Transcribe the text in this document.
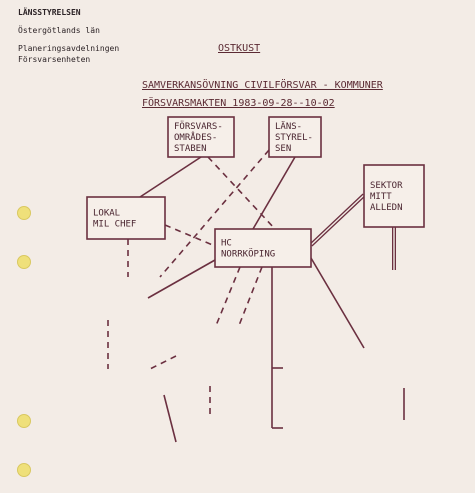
LÄNSSTYRELSEN
Östergötlands län
Planeringsavdelningen
Försvarsenheten
OSTKUST
SAMVERKANSÖVNING CIVILFÖRSVAR - KOMMUNER
FÖRSVARSMAKTEN 1983-09-28--10-02
FÖRSVARS-
OMRÅDES-
STABEN
LÄNS-
STYREL-
SEN
SEKTOR
MITT
ALLEDN
LOKAL
MIL CHEF
HC
NORRKÖPING
